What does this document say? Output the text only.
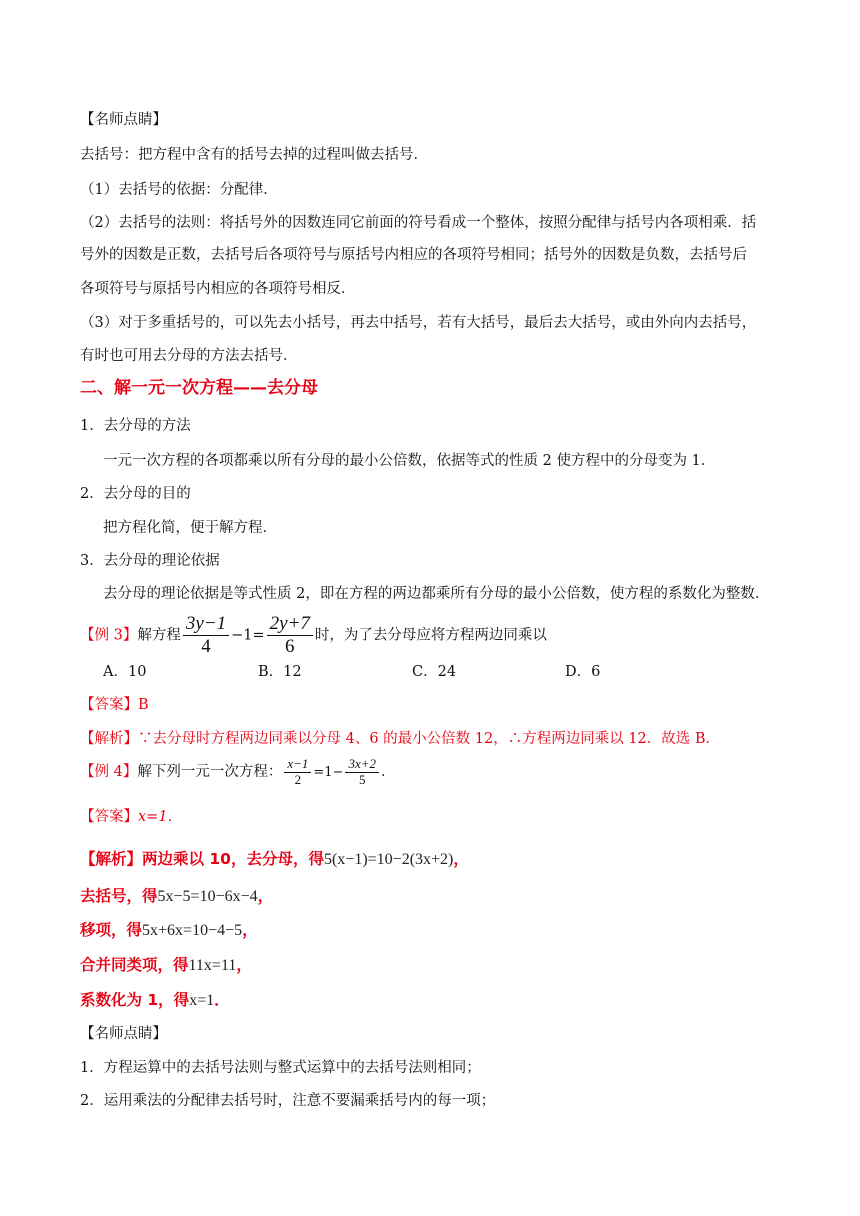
【名师点睛】
去括号：把方程中含有的括号去掉的过程叫做去括号．
（1）去括号的依据：分配律．
（2）去括号的法则：将括号外的因数连同它前面的符号看成一个整体，按照分配律与括号内各项相乘．括
号外的因数是正数，去括号后各项符号与原括号内相应的各项符号相同；括号外的因数是负数，去括号后
各项符号与原括号内相应的各项符号相反．
（3）对于多重括号的，可以先去小括号，再去中括号，若有大括号，最后去大括号，或由外向内去括号，
有时也可用去分母的方法去括号．
二、解一元一次方程——去分母
1．去分母的方法
一元一次方程的各项都乘以所有分母的最小公倍数，依据等式的性质 2 使方程中的分母变为 1．
2．去分母的目的
把方程化简，便于解方程．
3．去分母的理论依据
去分母的理论依据是等式性质 2，即在方程的两边都乘所有分母的最小公倍数，使方程的系数化为整数．
【例 3】解方程 $\frac{3y-1}{4} -1= \frac{2y+7}{6}$ 时，为了去分母应将方程两边同乘以
A．10	B．12	C．24	D．6
【答案】B
【解析】∵去分母时方程两边同乘以分母 4、6 的最小公倍数 12，∴方程两边同乘以 12．故选 B．
【例 4】解下列一元一次方程： $\frac{x-1}{2} =1- \frac{3x+2}{5}$ ．
【答案】x=1．
【解析】两边乘以 10，去分母，得5(x−1)=10−2(3x+2)，
去括号，得5x−5=10−6x−4，
移项，得5x+6x=10−4−5，
合并同类项，得11x=11，
系数化为 1，得x=1．
【名师点睛】
1．方程运算中的去括号法则与整式运算中的去括号法则相同；
2．运用乘法的分配律去括号时，注意不要漏乘括号内的每一项；
